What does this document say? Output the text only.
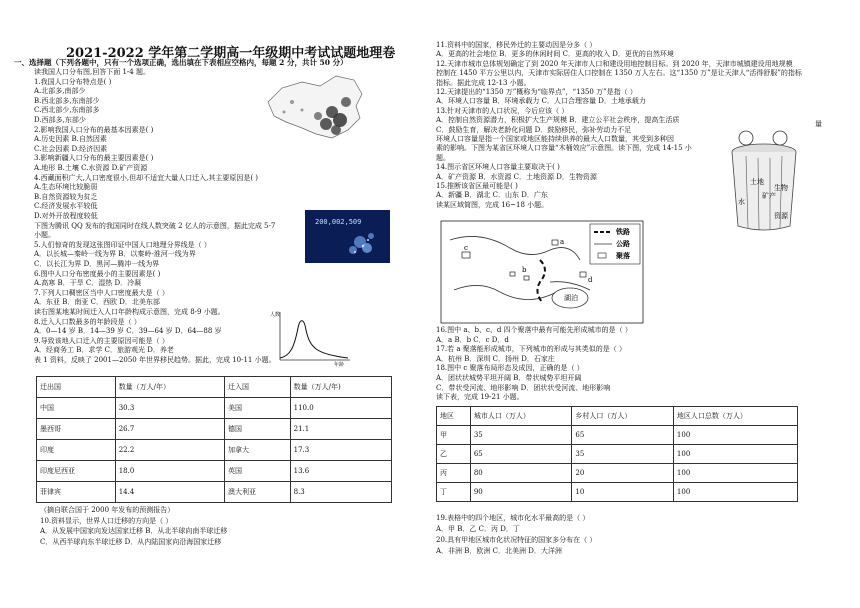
2021-2022 学年第二学期高一年级期中考试试题地理卷
一、选择题（下列各题中，只有一个选项正确，选出填在下表相应空格内，每题 2 分，共计 50 分）
读我国人口分布图,回答下面 1-4 题。
1.我国人口分布特点是( )
A.北部多,南部少
B.西北部多,东南部少
C.西北部少,东南部多
D.西部多,东部少
2.影响我国人口分布的最基本因素是( )
A.历史因素 B.自然因素
C.社会因素 D.经济因素
3.影响新疆人口分布的最主要因素是( )
A.地形 B.土壤 C.水资源 D.矿产资源
4.西藏面积广大,人口密度很小,但却不适宜大量人口迁入,其主要原因是( )
A.生态环境比较脆弱
B.自然资源较为贫乏
C.经济发展水平较低
D.对外开放程度较低
下图为腾讯 QQ 发布的我国同时在线人数突破 2 亿人的示意图，据此完成 5-7
小题。
5.人们惊奇的发现这张图印证中国人口地理分界线是（ ）
A．以长城—秦岭一线为界 B．以秦岭-淮河一线为界
C．以长江为界 D．黑河—腾冲一线为界
6.图中人口分布密度最小的主要因素是( )
A.高寒 B．干旱 C．湿热 D．冷凝
7.下列人口稠密区当中人口密度最大是（ ）
A．东亚 B．南亚 C．西欧 D．北美东部
读右图某地某时间迁入人口年龄构成示意图，完成 8-9 小题。
8.迁入人口数最多的年龄段是（ ）
A．0—14 岁 B．14—39 岁 C．39—64 岁 D．64—88 岁
9.导致该地人口迁入的主要原因可能是（ ）
A．经商务工 B．求学 C．旅游观光 D．养老
表 1 资料，反映了 2001—2050 年世界移民趋势。据此，完成 10-11 小题。
200,002,509
年龄
人数
迁出国	数量（万人/年）	迁入国	数量（万人/年)
中国	30.3	美国	110.0
墨西哥	26.7	德国	21.1
印度	22.2	加拿大	17.3
印度尼西亚	18.0	英国	13.6
菲律宾	14.4	澳大利亚	8.3
（摘自联合国于 2000 年发布的预测报告）
10.资料显示，世界人口迁移的方向是（ ）
A．从发展中国家向发达国家迁移 B．从北半球向南半球迁移
C．从西半球向东半球迁移 D．从内陆国家向沿海国家迁移
11.资料中的国家，移民外迁的主要动因是分多（ ）
A．更高的社会地位 B．更多的休闲时间 C．更高的收入 D．更优的自然环境
12.天津市城市总体规划确定了到 2020 年天津市人口和建设用地控制目标。到 2020 年，天津市城镇建设用地规模
控制在 1450 平方公里以内，天津市实际居住人口控制在 1350 万人左右。这“1350 万”是让天津人“活得舒服”的指标
指标。据此完成 12-13 小题。
12.天津提出的“1350 万”概称为“临界点”，“1350 万”是指（ ）
A．环境人口容量 B．环境承载力 C．人口合理容量 D．土地承载力
13.针对天津市的人口状况，今后应该（ ）
A．控制自然资源潜力，积极扩大生产规模 B．建立公平社会秩序，提高生活质
C．鼓励生育，解决老龄化问题 D．鼓励移民，弥补劳动力不足
环境人口容量是指一个国家或地区能持续供养的最大人口数量，其受到多种因
素的影响。下图为某省区环境人口容量“木桶效应”示意图。读下图，完成 14-15 小
题。
14.图示省区环境人口容量主要取决于( )
A．矿产资源 B．水资源 C．土地资源 D．生物资源
15.推断该省区最可能是( )
A．新疆 B．湖北 C．山东 D．广东
读某区域简图，完成 16~18 小题。
土地
矿产
生物
水
资源
量
a
b
c
d
湖泊
铁路
公路
聚落
16.图中 a、b、c、d 四个聚落中最有可能先形成城市的是（ ）
A．a B．b C．c D．d
17.若 a 聚落能形成城市，下列城市的形成与其类似的是（ ）
A．杭州 B．深圳 C．扬州 D．石家庄
18.图中 c 聚落布局形态及成因，正确的是（ ）
A．团状状城势平坦开阔 B．带状城势平坦开阔
C．带状受河流、地形影响 D．团状状受河流、地形影响
读下表，完成 19-21 小题。
地区	城市人口（万人）	乡村人口（万人）	地区人口总数（万人）
甲	35	65	100
乙	65	35	100
丙	80	20	100
丁	90	10	100
19.表格中的四个地区，城市化水平最高的是（ ）
A．甲 B．乙 C．丙 D．丁
20.具有甲地区城市化状况特征的国家多分布在（ ）
A．非洲 B．欧洲 C．北美洲 D．大洋洲
